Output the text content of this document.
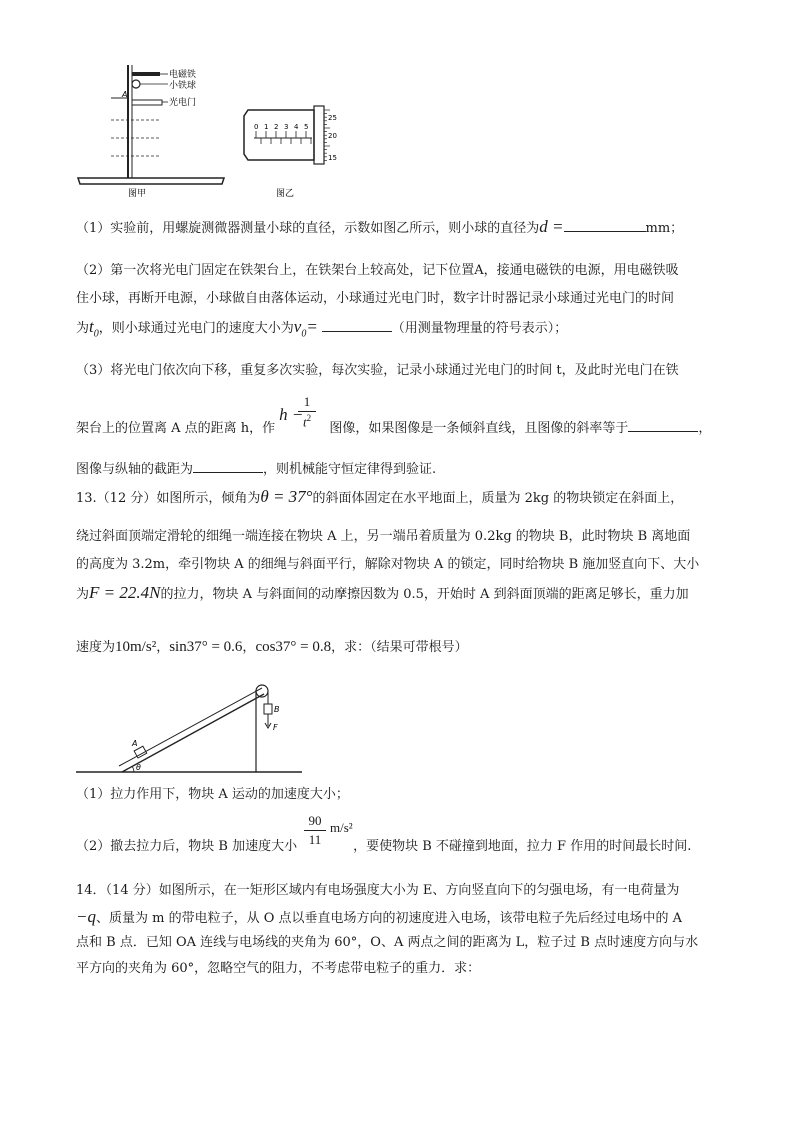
电磁铁
小铁球
光电门
A
图甲
0 1 2 3 4 5
25
20
15
图乙
（1）实验前，用螺旋测微器测量小球的直径，示数如图乙所示，则小球的直径为d =	mm；
（2）第一次将光电门固定在铁架台上，在铁架台上较高处，记下位置A，接通电磁铁的电源，用电磁铁吸
住小球，再断开电源，小球做自由落体运动，小球通过光电门时，数字计时器记录小球通过光电门的时间
为$t_0$，则小球通过光电门的速度大小为$v_0=$	（用测量物理量的符号表示）；
（3）将光电门依次向下移，重复多次实验，每次实验，记录小球通过光电门的时间 t，及此时光电门在铁
架台上的位置离 A 点的距离 h，作h −图像，如果图像是一条倾斜直线，且图像的斜率等于	，
1
$t^2$
图像与纵轴的截距为	，则机械能守恒定律得到验证.
13.（12 分）如图所示，倾角为θ = 37°的斜面体固定在水平地面上，质量为 2kg 的物块锁定在斜面上，
绕过斜面顶端定滑轮的细绳一端连接在物块 A 上，另一端吊着质量为 0.2kg 的物块 B，此时物块 B 离地面
的高度为 3.2m，牵引物块 A 的细绳与斜面平行，解除对物块 A 的锁定，同时给物块 B 施加竖直向下、大小
为F = 22.4N的拉力，物块 A 与斜面间的动摩擦因数为 0.5，开始时 A 到斜面顶端的距离足够长，重力加
速度为10m/s²，sin37° = 0.6，cos37° = 0.8，求：（结果可带根号）
A
B
F
θ
（1）拉力作用下，物块 A 运动的加速度大小；
（2）撤去拉力后，物块 B 加速度大小	，要使物块 B 不碰撞到地面，拉力 F 作用的时间最长时间.
90
11
m/s²
14．（14 分）如图所示，在一矩形区域内有电场强度大小为 E、方向竖直向下的匀强电场，有一电荷量为
−q、质量为 m 的带电粒子，从 O 点以垂直电场方向的初速度进入电场，该带电粒子先后经过电场中的 A
点和 B 点．已知 OA 连线与电场线的夹角为 60°，O、A 两点之间的距离为 L，粒子过 B 点时速度方向与水
平方向的夹角为 60°，忽略空气的阻力，不考虑带电粒子的重力．求：
